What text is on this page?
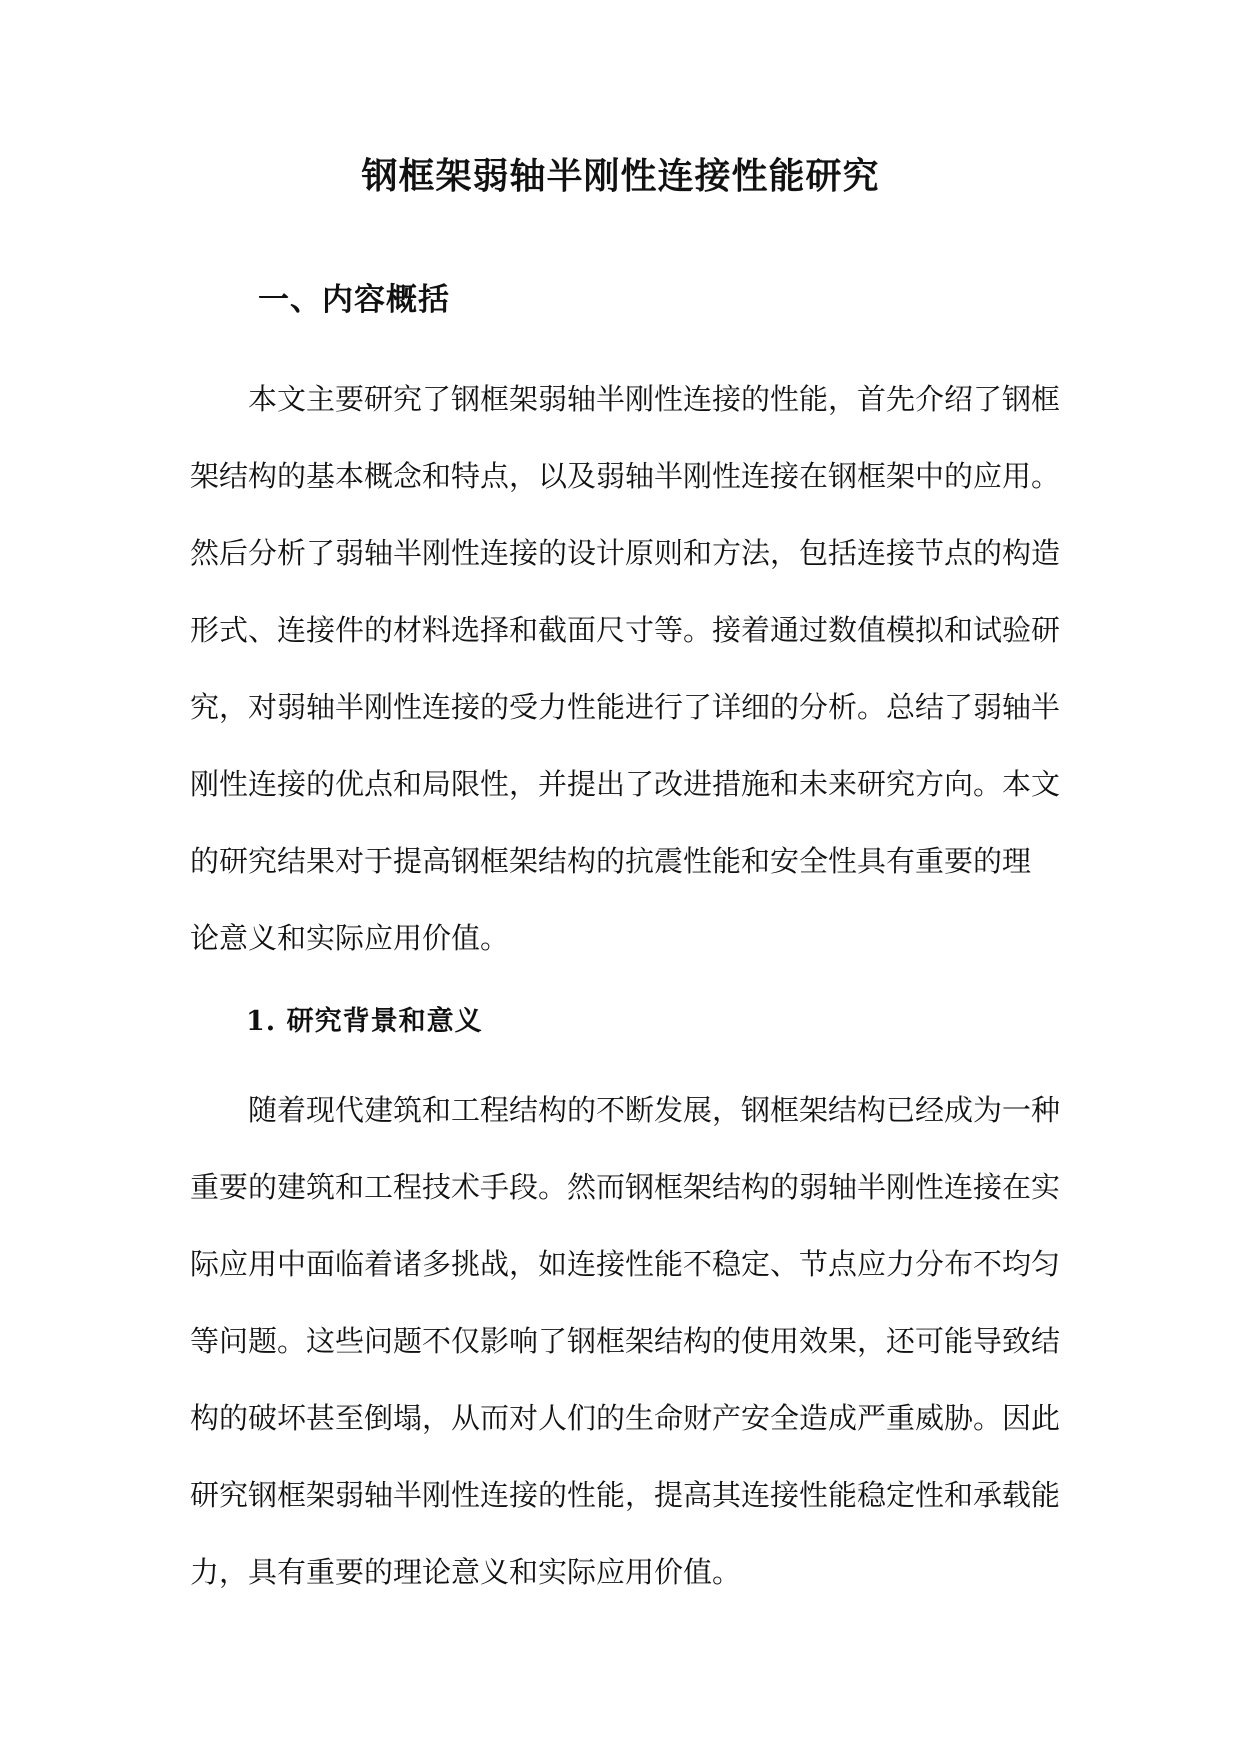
钢框架弱轴半刚性连接性能研究
一、内容概括
　　本文主要研究了钢框架弱轴半刚性连接的性能，首先介绍了钢框
架结构的基本概念和特点，以及弱轴半刚性连接在钢框架中的应用。
然后分析了弱轴半刚性连接的设计原则和方法，包括连接节点的构造
形式、连接件的材料选择和截面尺寸等。接着通过数值模拟和试验研
究，对弱轴半刚性连接的受力性能进行了详细的分析。总结了弱轴半
刚性连接的优点和局限性，并提出了改进措施和未来研究方向。本文
的研究结果对于提高钢框架结构的抗震性能和安全性具有重要的理
论意义和实际应用价值。
1. 研究背景和意义
　　随着现代建筑和工程结构的不断发展，钢框架结构已经成为一种
重要的建筑和工程技术手段。然而钢框架结构的弱轴半刚性连接在实
际应用中面临着诸多挑战，如连接性能不稳定、节点应力分布不均匀
等问题。这些问题不仅影响了钢框架结构的使用效果，还可能导致结
构的破坏甚至倒塌，从而对人们的生命财产安全造成严重威胁。因此
研究钢框架弱轴半刚性连接的性能，提高其连接性能稳定性和承载能
力，具有重要的理论意义和实际应用价值。
